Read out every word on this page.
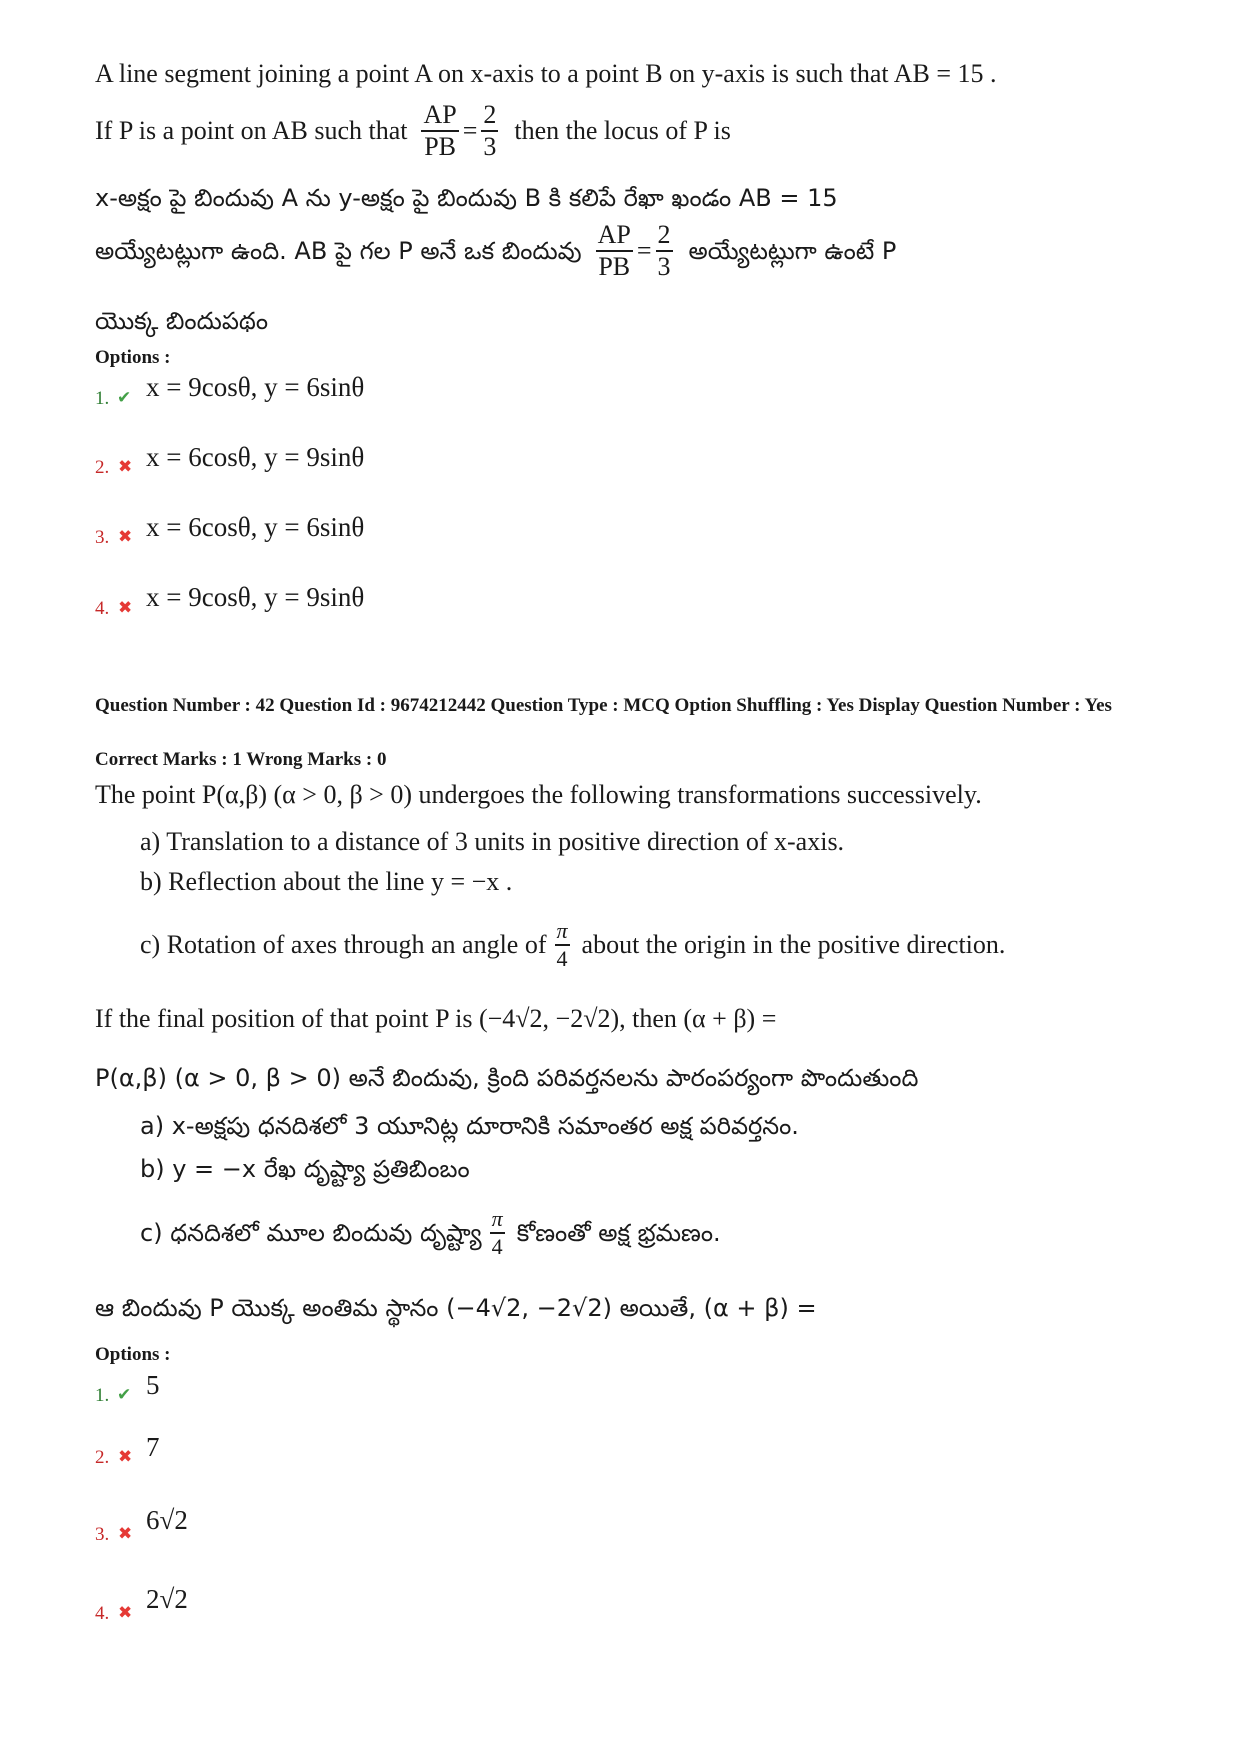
A line segment joining a point A on x-axis to a point B on y-axis is such that AB = 15 .
If P is a point on AB such that $\frac{AP}{PB} = \frac{2}{3}$ then the locus of P is
x-అక్షం పై బిందువు A ను y-అక్షం పై బిందువు B కి కలిపే రేఖా ఖండం AB = 15
అయ్యేటట్లుగా ఉంది. AB పై గల P అనే ఒక బిందువు $\frac{AP}{PB} = \frac{2}{3}$ అయ్యేటట్లుగా ఉంటే P
యొక్క బిందుపథం
Options :
1. ✔ x = 9cosθ, y = 6sinθ
2. ✖ x = 6cosθ, y = 9sinθ
3. ✖ x = 6cosθ, y = 6sinθ
4. ✖ x = 9cosθ, y = 9sinθ
Question Number : 42 Question Id : 9674212442 Question Type : MCQ Option Shuffling : Yes Display Question Number : Yes
Correct Marks : 1 Wrong Marks : 0
The point P(α,β) (α > 0, β > 0) undergoes the following transformations successively.
a) Translation to a distance of 3 units in positive direction of x-axis.
b) Reflection about the line y = −x .
c) Rotation of axes through an angle of $\frac{\pi}{4}$ about the origin in the positive direction.
If the final position of that point P is (−4√2, −2√2), then (α + β) =
P(α,β) (α > 0, β > 0) అనే బిందువు, క్రింది పరివర్తనలను పారంపర్యంగా పొందుతుంది
a) x-అక్షపు ధనదిశలో 3 యూనిట్ల దూరానికి సమాంతర అక్ష పరివర్తనం.
b) y = −x రేఖ దృష్ట్యా ప్రతిబింబం
c) ధనదిశలో మూల బిందువు దృష్ట్యా $\frac{\pi}{4}$ కోణంతో అక్ష భ్రమణం.
ఆ బిందువు P యొక్క అంతిమ స్థానం (−4√2, −2√2) అయితే, (α + β) =
Options :
1. ✔ 5
2. ✖ 7
3. ✖ 6√2
4. ✖ 2√2
